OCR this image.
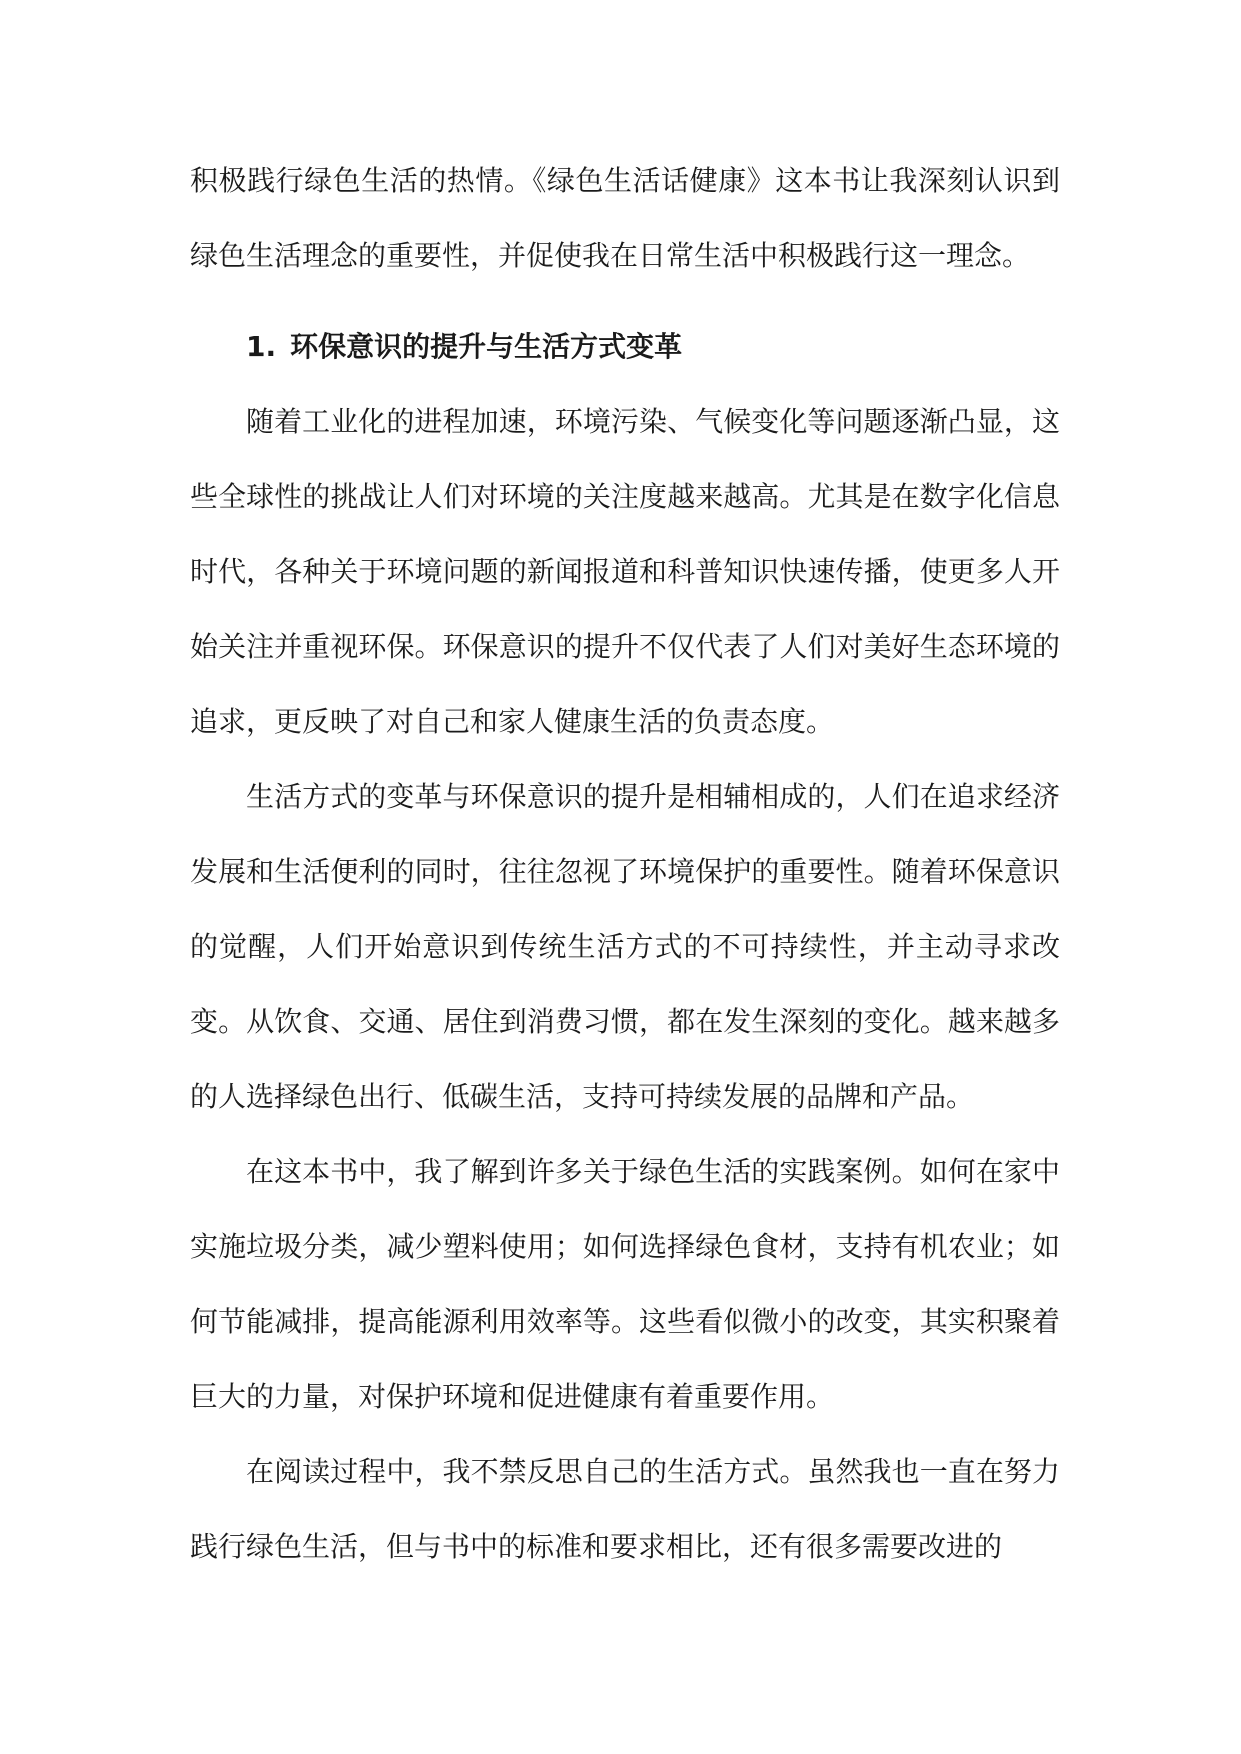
积极践行绿色生活的热情。《绿色生活话健康》这本书让我深刻认识到绿色生活理念的重要性，并促使我在日常生活中积极践行这一理念。

1. 环保意识的提升与生活方式变革

随着工业化的进程加速，环境污染、气候变化等问题逐渐凸显，这些全球性的挑战让人们对环境的关注度越来越高。尤其是在数字化信息时代，各种关于环境问题的新闻报道和科普知识快速传播，使更多人开始关注并重视环保。环保意识的提升不仅代表了人们对美好生态环境的追求，更反映了对自己和家人健康生活的负责态度。

生活方式的变革与环保意识的提升是相辅相成的，人们在追求经济发展和生活便利的同时，往往忽视了环境保护的重要性。随着环保意识的觉醒，人们开始意识到传统生活方式的不可持续性，并主动寻求改变。从饮食、交通、居住到消费习惯，都在发生深刻的变化。越来越多的人选择绿色出行、低碳生活，支持可持续发展的品牌和产品。

在这本书中，我了解到许多关于绿色生活的实践案例。如何在家中实施垃圾分类，减少塑料使用；如何选择绿色食材，支持有机农业；如何节能减排，提高能源利用效率等。这些看似微小的改变，其实积聚着巨大的力量，对保护环境和促进健康有着重要作用。

在阅读过程中，我不禁反思自己的生活方式。虽然我也一直在努力践行绿色生活，但与书中的标准和要求相比，还有很多需要改进的
